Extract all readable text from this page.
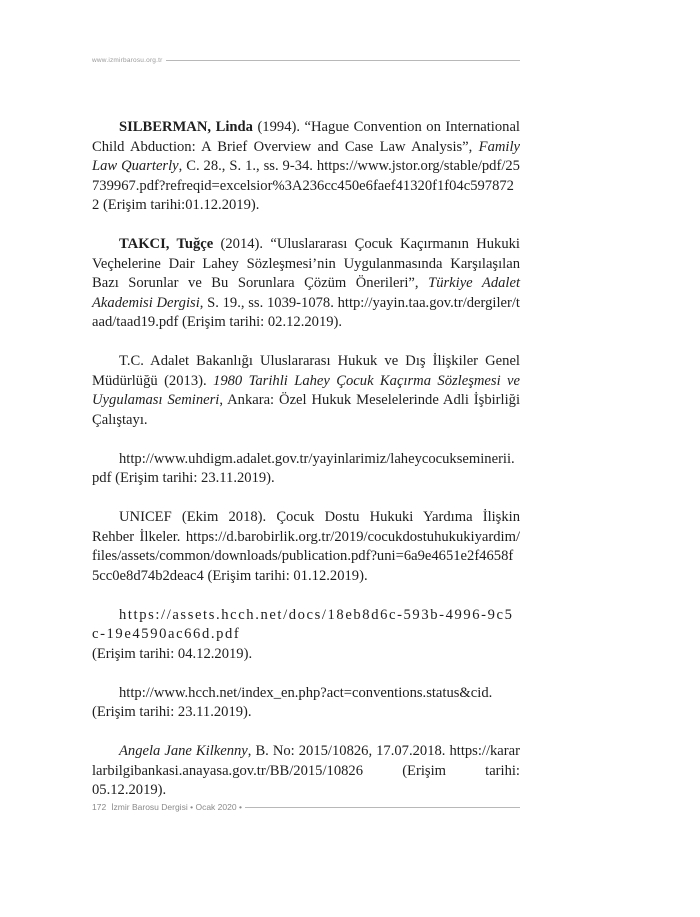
www.izmirbarosu.org.tr

SILBERMAN, Linda (1994). “Hague Convention on International Child Abduction: A Brief Overview and Case Law Analysis”, Family Law Quarterly, C. 28., S. 1., ss. 9-34. https://www.jstor.org/stable/pdf/25739967.pdf?refreqid=excelsior%3A236cc450e6faef41320f1f04c5978722 (Erişim tarihi:01.12.2019).

TAKCI, Tuğçe (2014). “Uluslararası Çocuk Kaçırmanın Hukuki Veçhelerine Dair Lahey Sözleşmesi’nin Uygulanmasında Karşılaşılan Bazı Sorunlar ve Bu Sorunlara Çözüm Önerileri”, Türkiye Adalet Akademisi Dergisi, S. 19., ss. 1039-1078. http://yayin.taa.gov.tr/dergiler/taad/taad19.pdf (Erişim tarihi: 02.12.2019).

T.C. Adalet Bakanlığı Uluslararası Hukuk ve Dış İlişkiler Genel Müdürlüğü (2013). 1980 Tarihli Lahey Çocuk Kaçırma Sözleşmesi ve Uygulaması Semineri, Ankara: Özel Hukuk Meselelerinde Adli İşbirliği Çalıştayı.

http://www.uhdigm.adalet.gov.tr/yayinlarimiz/laheycocukseminerii.pdf (Erişim tarihi: 23.11.2019).

UNICEF (Ekim 2018). Çocuk Dostu Hukuki Yardıma İlişkin Rehber İlkeler. https://d.barobirlik.org.tr/2019/cocukdostuhukukiyardim/files/assets/common/downloads/publication.pdf?uni=6a9e4651e2f4658f5cc0e8d74b2deac4 (Erişim tarihi: 01.12.2019).

https://assets.hcch.net/docs/18eb8d6c-593b-4996-9c5c-19e4590ac66d.pdf
(Erişim tarihi: 04.12.2019).

http://www.hcch.net/index_en.php?act=conventions.status&cid. (Erişim tarihi: 23.11.2019).

Angela Jane Kilkenny, B. No: 2015/10826, 17.07.2018. https://kararlarbilgibankasi.anayasa.gov.tr/BB/2015/10826 (Erişim tarihi: 05.12.2019).

172 İzmir Barosu Dergisi • Ocak 2020 •
